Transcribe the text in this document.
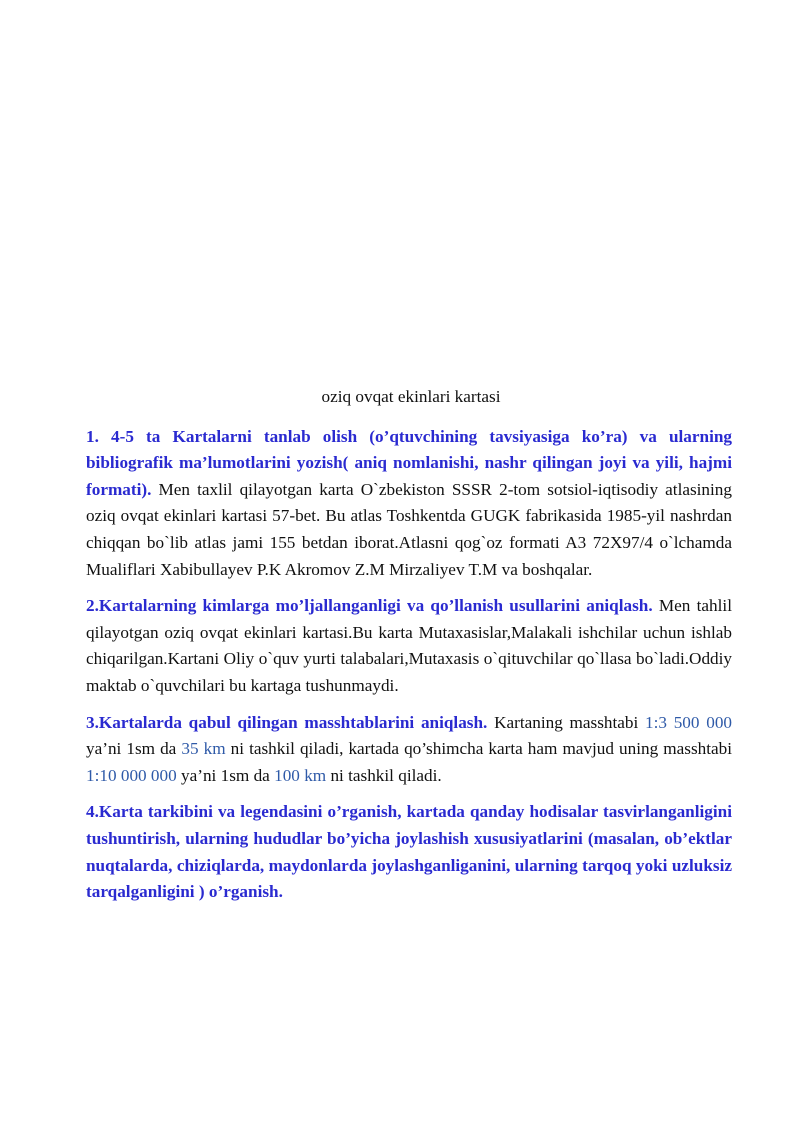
oziq ovqat ekinlari kartasi

1. 4-5 ta Kartalarni tanlab olish (o’qtuvchining tavsiyasiga ko’ra) va ularning bibliografik ma’lumotlarini yozish( aniq nomlanishi, nashr qilingan joyi va yili, hajmi formati). Men taxlil qilayotgan karta O`zbekiston SSSR 2-tom sotsiol-iqtisodiy atlasining oziq ovqat ekinlari kartasi 57-bet. Bu atlas Toshkentda GUGK fabrikasida 1985-yil nashrdan chiqqan bo`lib atlas jami 155 betdan iborat.Atlasni qog`oz formati A3 72X97/4 o`lchamda Mualiflari Xabibullayev P.K Akromov Z.M Mirzaliyev T.M va boshqalar.

2.Kartalarning kimlarga mo’ljallanganligi va qo’llanish usullarini aniqlash. Men tahlil qilayotgan oziq ovqat ekinlari kartasi.Bu karta Mutaxasislar,Malakali ishchilar uchun ishlab chiqarilgan.Kartani Oliy o`quv yurti talabalari,Mutaxasis o`qituvchilar qo`llasa bo`ladi.Oddiy maktab o`quvchilari bu kartaga tushunmaydi.

3.Kartalarda qabul qilingan masshtablarini aniqlash. Kartaning masshtabi 1:3 500 000 ya’ni 1sm da 35 km ni tashkil qiladi, kartada qo’shimcha karta ham mavjud uning masshtabi 1:10 000 000 ya’ni 1sm da 100 km ni tashkil qiladi.

4.Karta tarkibini va legendasini o’rganish, kartada qanday hodisalar tasvirlanganligini tushuntirish, ularning hududlar bo’yicha joylashish xususiyatlarini (masalan, ob’ektlar nuqtalarda, chiziqlarda, maydonlarda joylashganliganini, ularning tarqoq yoki uzluksiz tarqalganligini ) o’rganish.
